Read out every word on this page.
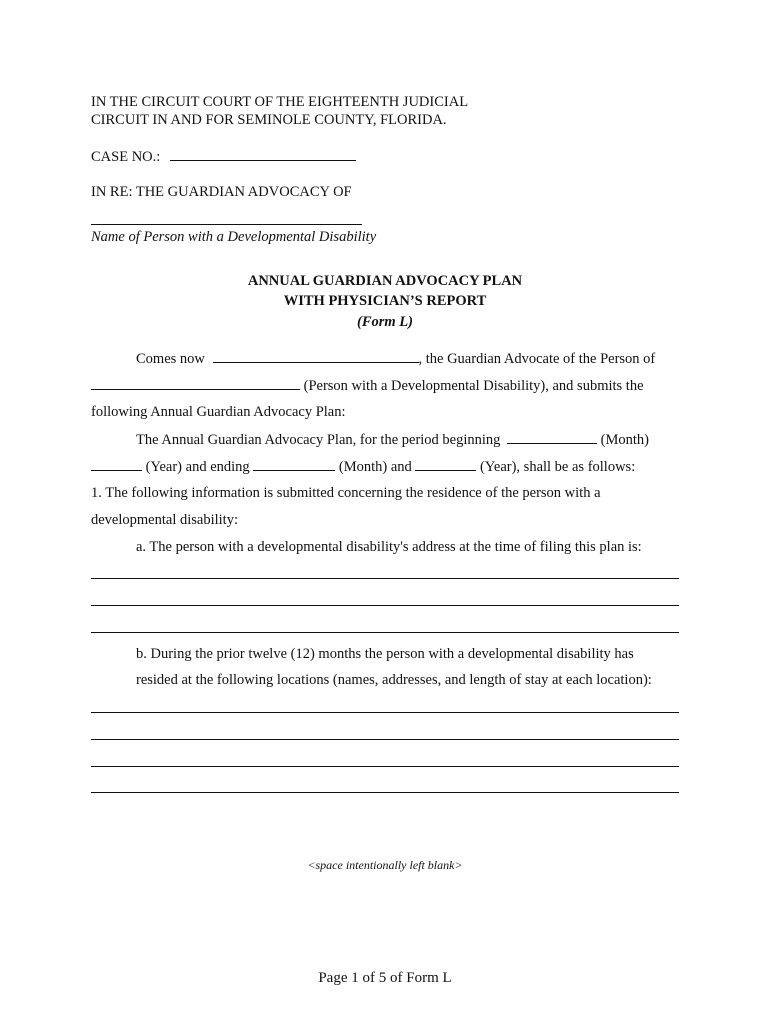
IN THE CIRCUIT COURT OF THE EIGHTEENTH JUDICIAL
CIRCUIT IN AND FOR SEMINOLE COUNTY, FLORIDA.
CASE NO.:
IN RE: THE GUARDIAN ADVOCACY OF
Name of Person with a Developmental Disability
ANNUAL GUARDIAN ADVOCACY PLAN
WITH PHYSICIAN’S REPORT
(Form L)
Comes now	, the Guardian Advocate of the Person of
(Person with a Developmental Disability), and submits the
following Annual Guardian Advocacy Plan:
The Annual Guardian Advocacy Plan, for the period beginning	(Month)
(Year) and ending	(Month) and	(Year), shall be as follows:
1. The following information is submitted concerning the residence of the person with a
developmental disability:
a. The person with a developmental disability's address at the time of filing this plan is:
b. During the prior twelve (12) months the person with a developmental disability has
resided at the following locations (names, addresses, and length of stay at each location):
<space intentionally left blank>
Page 1 of 5 of Form L
